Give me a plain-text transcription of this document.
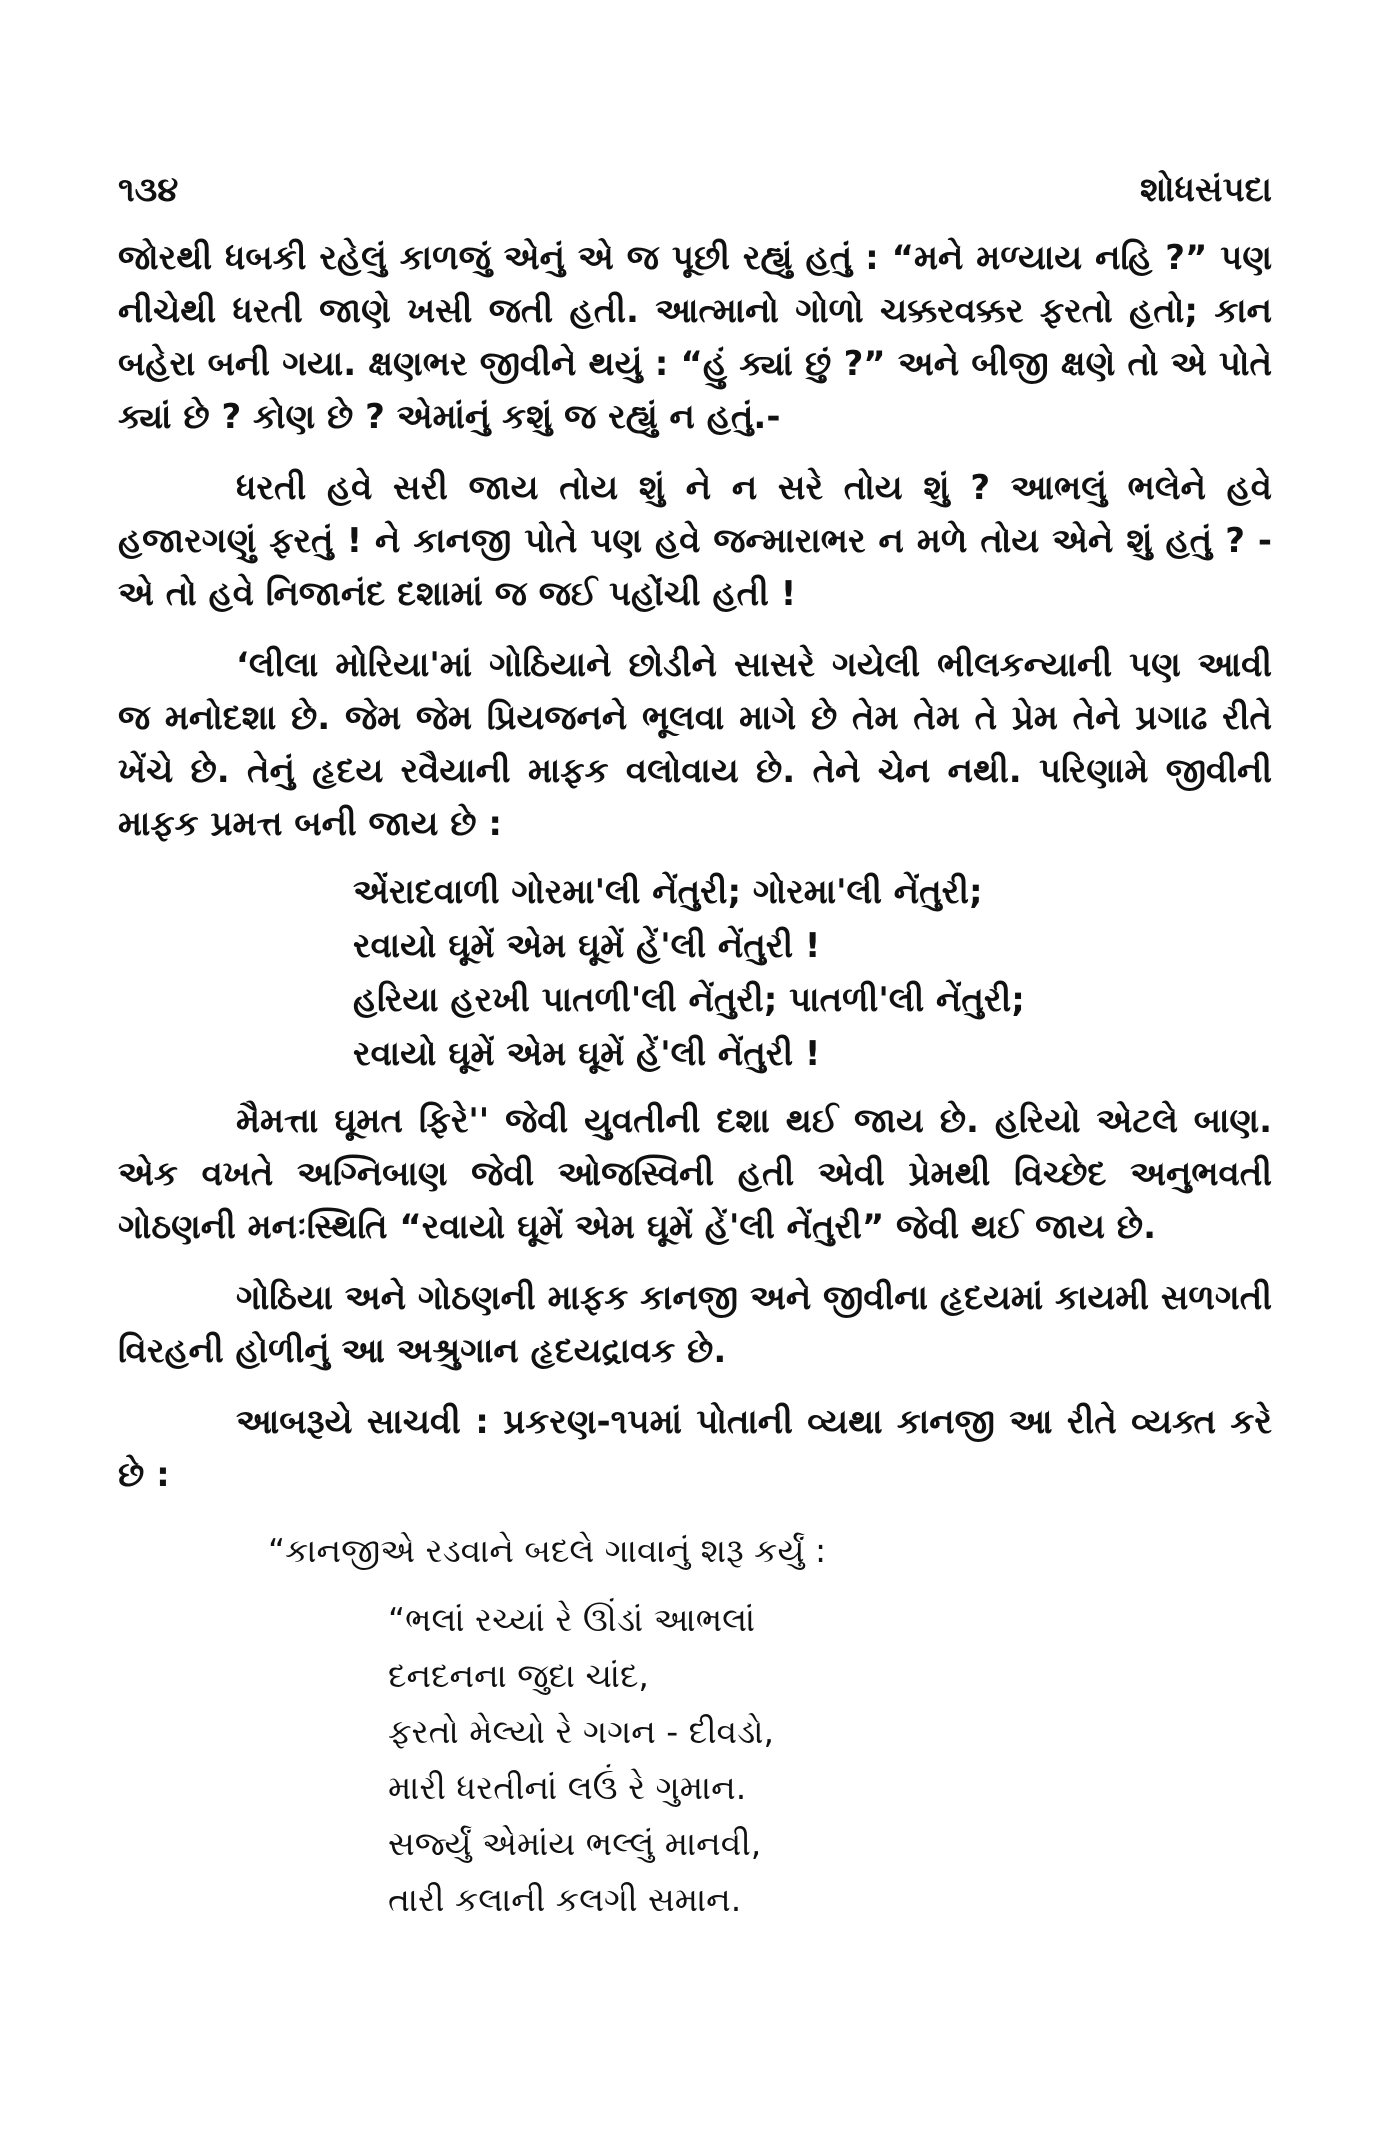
૧૩૪	શોધસંપદા

જોરથી ધબકી રહેલું કાળજું એનું એ જ પૂછી રહ્યું હતું : “મને મળ્યાય નહિ ?” પણ નીચેથી ધરતી જાણે ખસી જતી હતી. આત્માનો ગોળો ચક્કરવક્કર ફરતો હતો; કાન બહેરા બની ગયા. ક્ષણભર જીવીને થયું : “હું ક્યાં છું ?” અને બીજી ક્ષણે તો એ પોતે ક્યાં છે ? કોણ છે ? એમાંનું કશું જ રહ્યું ન હતું.-

ધરતી હવે સરી જાય તોય શું ને ન સરે તોય શું ? આભલું ભલેને હવે હજારગણું ફરતું ! ને કાનજી પોતે પણ હવે જન્મારાભર ન મળે તોય એને શું હતું ? - એ તો હવે નિજાનંદ દશામાં જ જઈ પહોંચી હતી !

‘લીલા મોરિયા'માં ગોઠિયાને છોડીને સાસરે ગયેલી ભીલકન્યાની પણ આવી જ મનોદશા છે. જેમ જેમ પ્રિયજનને ભૂલવા માગે છે તેમ તેમ તે પ્રેમ તેને પ્રગાઢ રીતે ખેંચે છે. તેનું હૃદય રવૈયાની માફક વલોવાય છે. તેને ચેન નથી. પરિણામે જીવીની માફક પ્રમત્ત બની જાય છે :

એંરાદવાળી ગોરમા'લી નેંતુરી; ગોરમા'લી નેંતુરી;
રવાયો ઘૂમેં એમ ઘૂમેં હેં'લી નેંતુરી !
હરિયા હરખી પાતળી'લી નેંતુરી; પાતળી'લી નેંતુરી;
રવાયો ઘૂમેં એમ ઘૂમેં હેં'લી નેંતુરી !

મૈમત્તા ઘૂમત ફિરે'' જેવી યુવતીની દશા થઈ જાય છે. હરિયો એટલે બાણ. એક વખતે અગ્નિબાણ જેવી ઓજસ્વિની હતી એવી પ્રેમથી વિચ્છેદ અનુભવતી ગોઠણની મનઃસ્થિતિ “રવાયો ઘૂમેં એમ ઘૂમેં હેં'લી નેંતુરી” જેવી થઈ જાય છે.

ગોઠિયા અને ગોઠણની માફક કાનજી અને જીવીના હૃદયમાં કાયમી સળગતી વિરહની હોળીનું આ અશ્રુગાન હૃદયદ્રાવક છે.

આબરૂયે સાચવી : પ્રકરણ-૧૫માં પોતાની વ્યથા કાનજી આ રીતે વ્યક્ત કરે છે :

“કાનજીએ રડવાને બદલે ગાવાનું શરૂ કર્યું :
“ભલાં રચ્યાં રે ઊંડાં આભલાં
દનદનના જુદા ચાંદ,
ફરતો મેલ્યો રે ગગન - દીવડો,
મારી ધરતીનાં લઉં રે ગુમાન.
સર્જ્યું એમાંય ભલ્લું માનવી,
તારી કલાની કલગી સમાન.
